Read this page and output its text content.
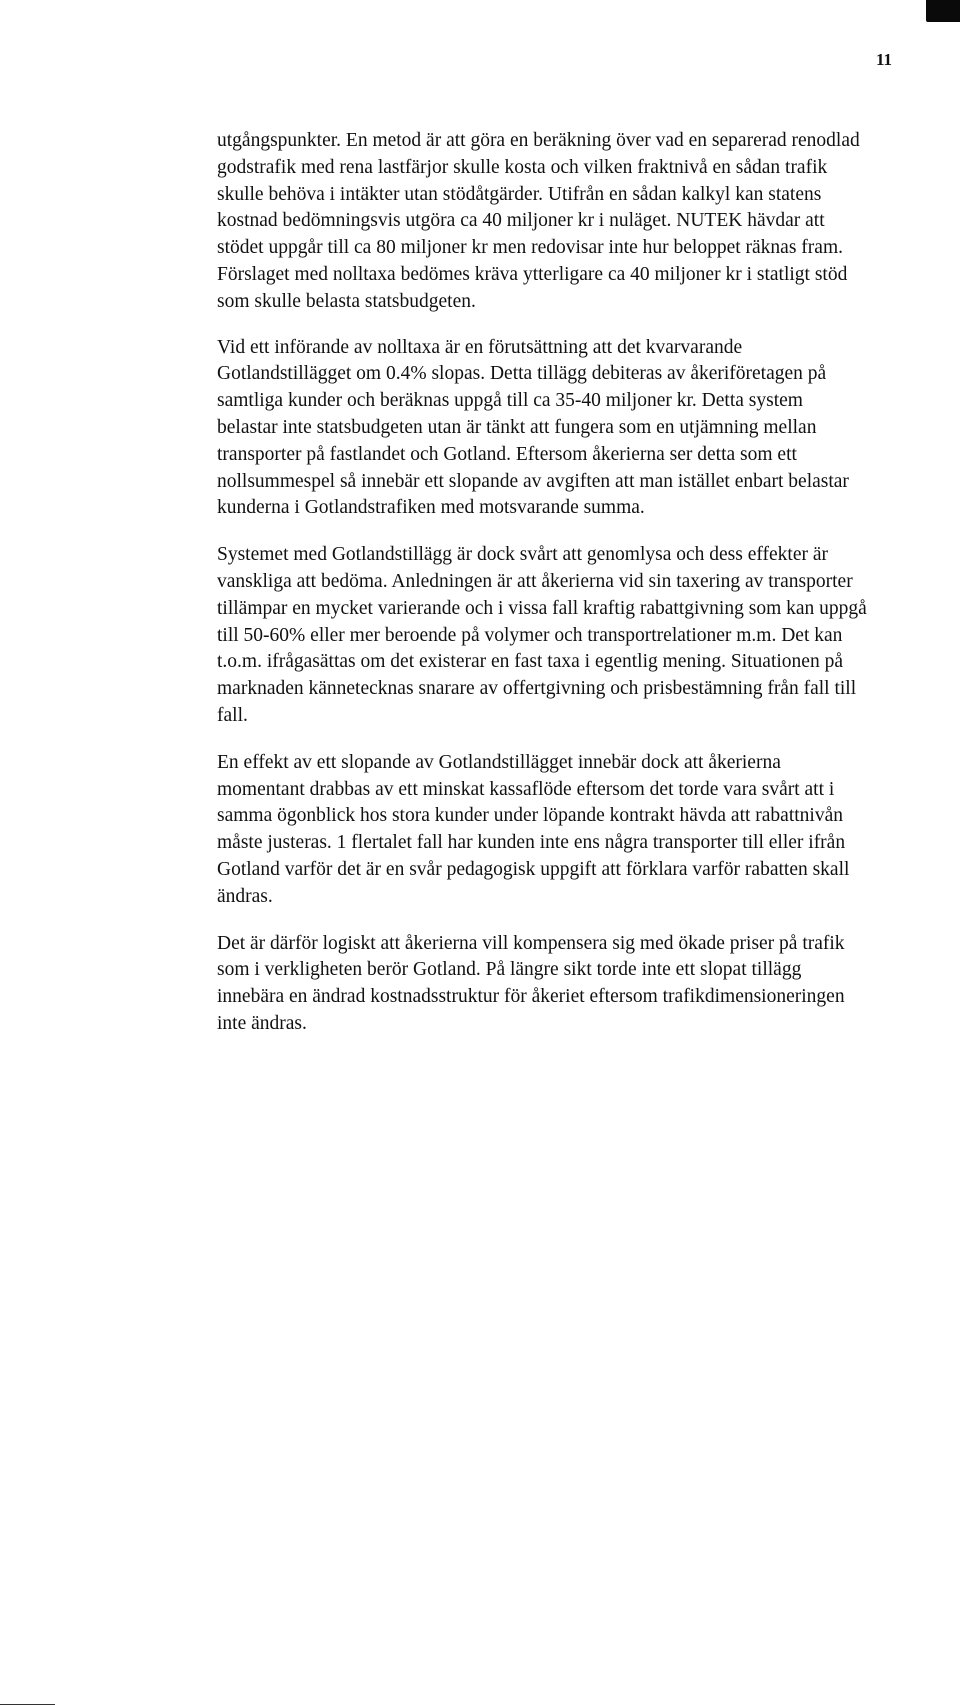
11

utgångspunkter. En metod är att göra en beräkning över vad en separerad renodlad
godstrafik med rena lastfärjor skulle kosta och vilken fraktnivå en sådan trafik
skulle behöva i intäkter utan stödåtgärder. Utifrån en sådan kalkyl kan statens
kostnad bedömningsvis utgöra ca 40 miljoner kr i nuläget. NUTEK hävdar att
stödet uppgår till ca 80 miljoner kr men redovisar inte hur beloppet räknas fram.
Förslaget med nolltaxa bedömes kräva ytterligare ca 40 miljoner kr i statligt stöd
som skulle belasta statsbudgeten.

Vid ett införande av nolltaxa är en förutsättning att det kvarvarande
Gotlandstillägget om 0.4% slopas. Detta tillägg debiteras av åkeriföretagen på
samtliga kunder och beräknas uppgå till ca 35-40 miljoner kr. Detta system
belastar inte statsbudgeten utan är tänkt att fungera som en utjämning mellan
transporter på fastlandet och Gotland. Eftersom åkerierna ser detta som ett
nollsummespel så innebär ett slopande av avgiften att man istället enbart belastar
kunderna i Gotlandstrafiken med motsvarande summa.

Systemet med Gotlandstillägg är dock svårt att genomlysa och dess effekter är
vanskliga att bedöma. Anledningen är att åkerierna vid sin taxering av transporter
tillämpar en mycket varierande och i vissa fall kraftig rabattgivning som kan uppgå
till 50-60% eller mer beroende på volymer och transportrelationer m.m. Det kan
t.o.m. ifrågasättas om det existerar en fast taxa i egentlig mening. Situationen på
marknaden kännetecknas snarare av offertgivning och prisbestämning från fall till
fall.

En effekt av ett slopande av Gotlandstillägget innebär dock att åkerierna
momentant drabbas av ett minskat kassaflöde eftersom det torde vara svårt att i
samma ögonblick hos stora kunder under löpande kontrakt hävda att rabattnivån
måste justeras. 1 flertalet fall har kunden inte ens några transporter till eller ifrån
Gotland varför det är en svår pedagogisk uppgift att förklara varför rabatten skall
ändras.

Det är därför logiskt att åkerierna vill kompensera sig med ökade priser på trafik
som i verkligheten berör Gotland. På längre sikt torde inte ett slopat tillägg
innebära en ändrad kostnadsstruktur för åkeriet eftersom trafikdimensioneringen
inte ändras.
